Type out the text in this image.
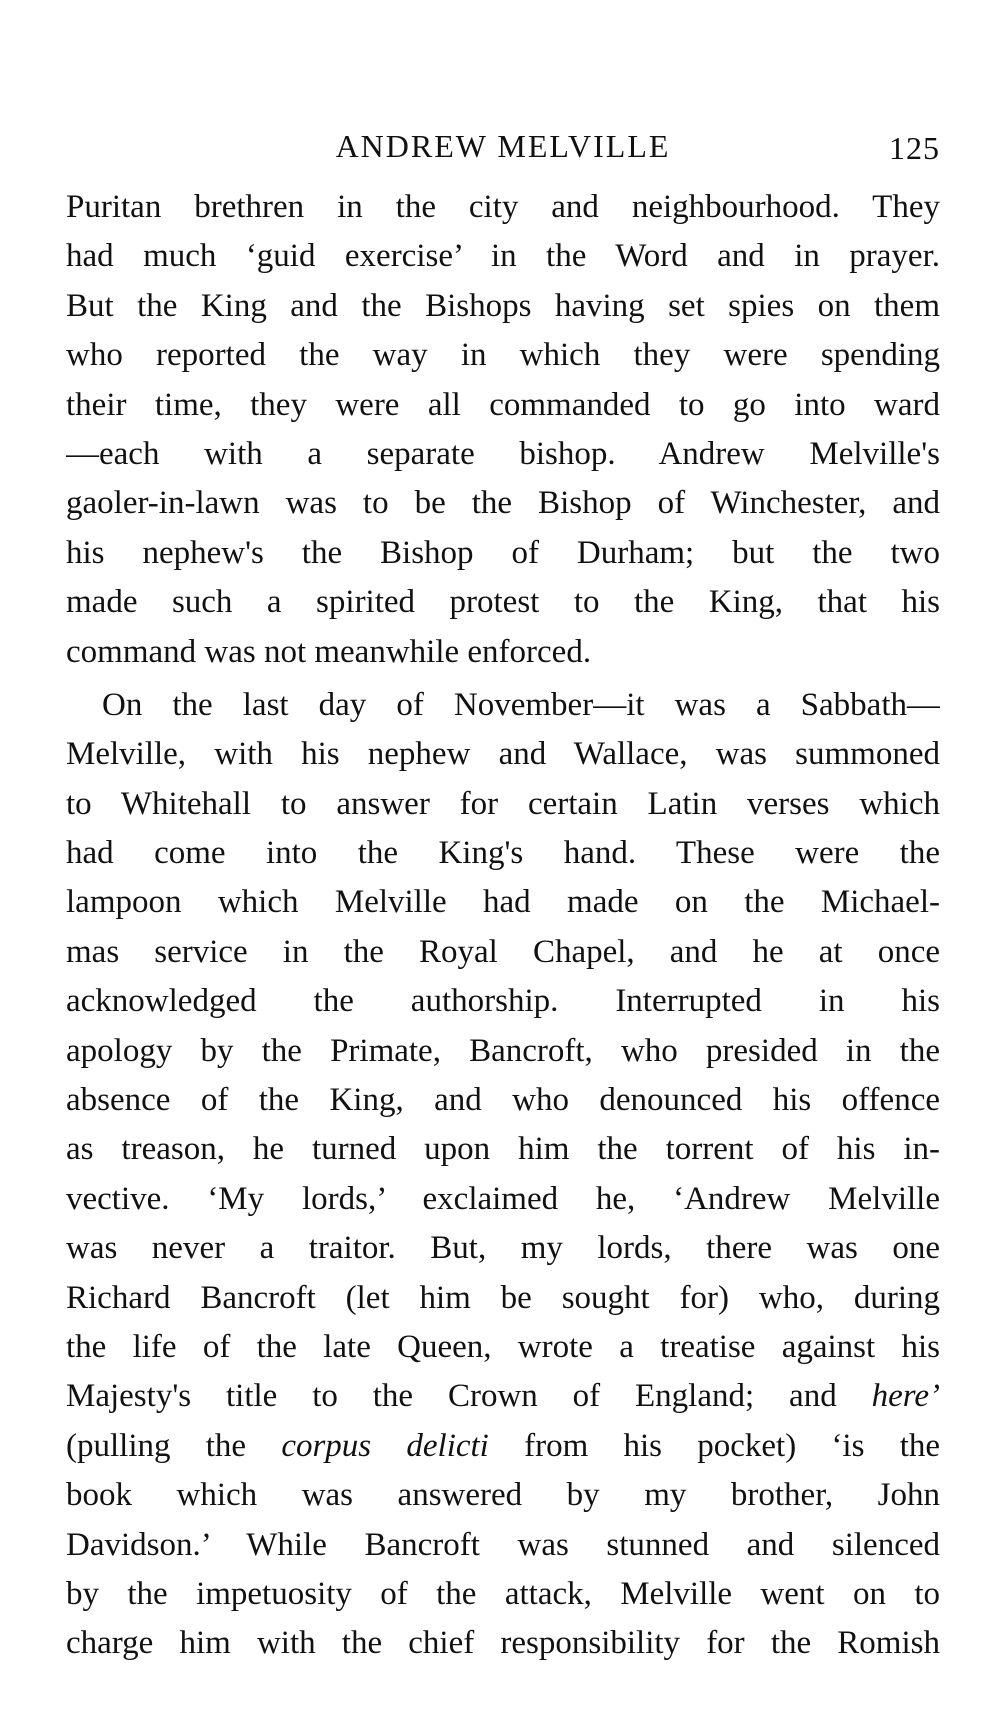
ANDREW MELVILLE	125
Puritan brethren in the city and neighbourhood. They
had much ‘guid exercise’ in the Word and in prayer.
But the King and the Bishops having set spies on them
who reported the way in which they were spending
their time, they were all commanded to go into ward
—each with a separate bishop. Andrew Melville's
gaoler-in-lawn was to be the Bishop of Winchester, and
his nephew's the Bishop of Durham; but the two
made such a spirited protest to the King, that his
command was not meanwhile enforced.
On the last day of November—it was a Sabbath—
Melville, with his nephew and Wallace, was summoned
to Whitehall to answer for certain Latin verses which
had come into the King's hand. These were the
lampoon which Melville had made on the Michael-
mas service in the Royal Chapel, and he at once
acknowledged the authorship. Interrupted in his
apology by the Primate, Bancroft, who presided in the
absence of the King, and who denounced his offence
as treason, he turned upon him the torrent of his in-
vective. ‘My lords,’ exclaimed he, ‘Andrew Melville
was never a traitor. But, my lords, there was one
Richard Bancroft (let him be sought for) who, during
the life of the late Queen, wrote a treatise against his
Majesty's title to the Crown of England; and here’
(pulling the corpus delicti from his pocket) ‘is the
book which was answered by my brother, John
Davidson.’ While Bancroft was stunned and silenced
by the impetuosity of the attack, Melville went on to
charge him with the chief responsibility for the Romish
